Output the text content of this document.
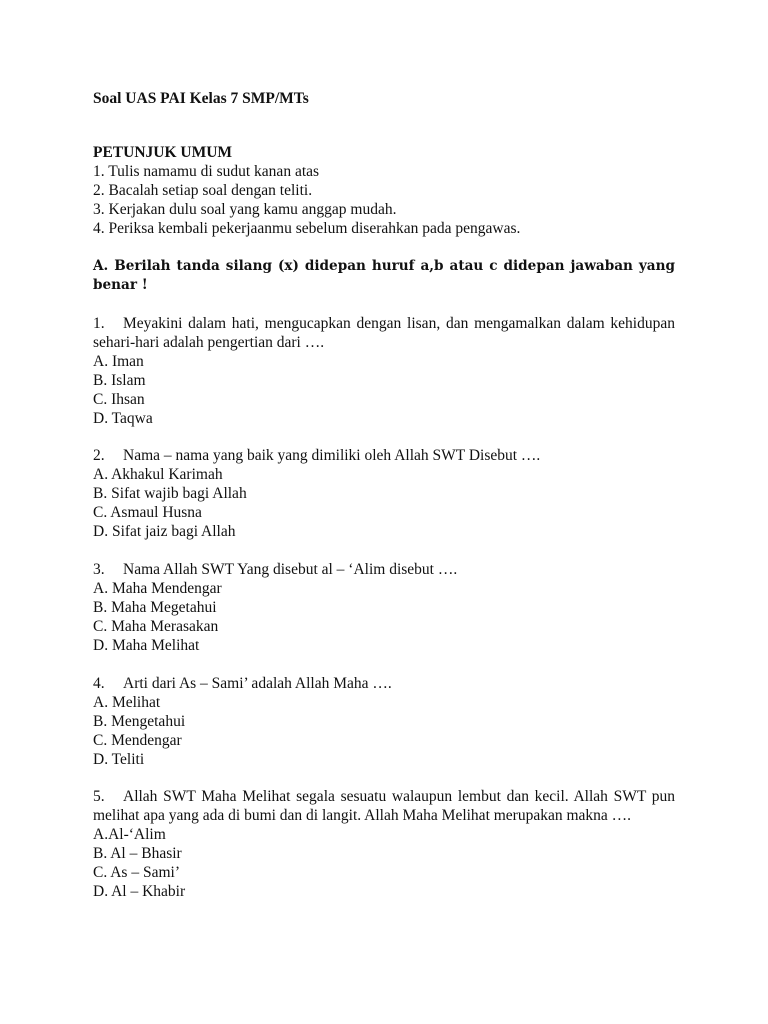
Soal UAS PAI Kelas 7 SMP/MTs
PETUNJUK UMUM
1. Tulis namamu di sudut kanan atas
2. Bacalah setiap soal dengan teliti.
3. Kerjakan dulu soal yang kamu anggap mudah.
4. Periksa kembali pekerjaanmu sebelum diserahkan pada pengawas.
A. Berilah tanda silang (x) didepan huruf a,b atau c didepan jawaban yang benar !
1. Meyakini dalam hati, mengucapkan dengan lisan, dan mengamalkan dalam kehidupan sehari-hari adalah pengertian dari ….
A. Iman
B. Islam
C. Ihsan
D. Taqwa
2. Nama – nama yang baik yang dimiliki oleh Allah SWT Disebut ….
A. Akhakul Karimah
B. Sifat wajib bagi Allah
C. Asmaul Husna
D. Sifat jaiz bagi Allah
3. Nama Allah SWT Yang disebut al – ‘Alim disebut ….
A. Maha Mendengar
B. Maha Megetahui
C. Maha Merasakan
D. Maha Melihat
4. Arti dari As – Sami’ adalah Allah Maha ….
A. Melihat
B. Mengetahui
C. Mendengar
D. Teliti
5. Allah SWT Maha Melihat segala sesuatu walaupun lembut dan kecil. Allah SWT pun melihat apa yang ada di bumi dan di langit. Allah Maha Melihat merupakan makna ….
A.Al-‘Alim
B. Al – Bhasir
C. As – Sami’
D. Al – Khabir
